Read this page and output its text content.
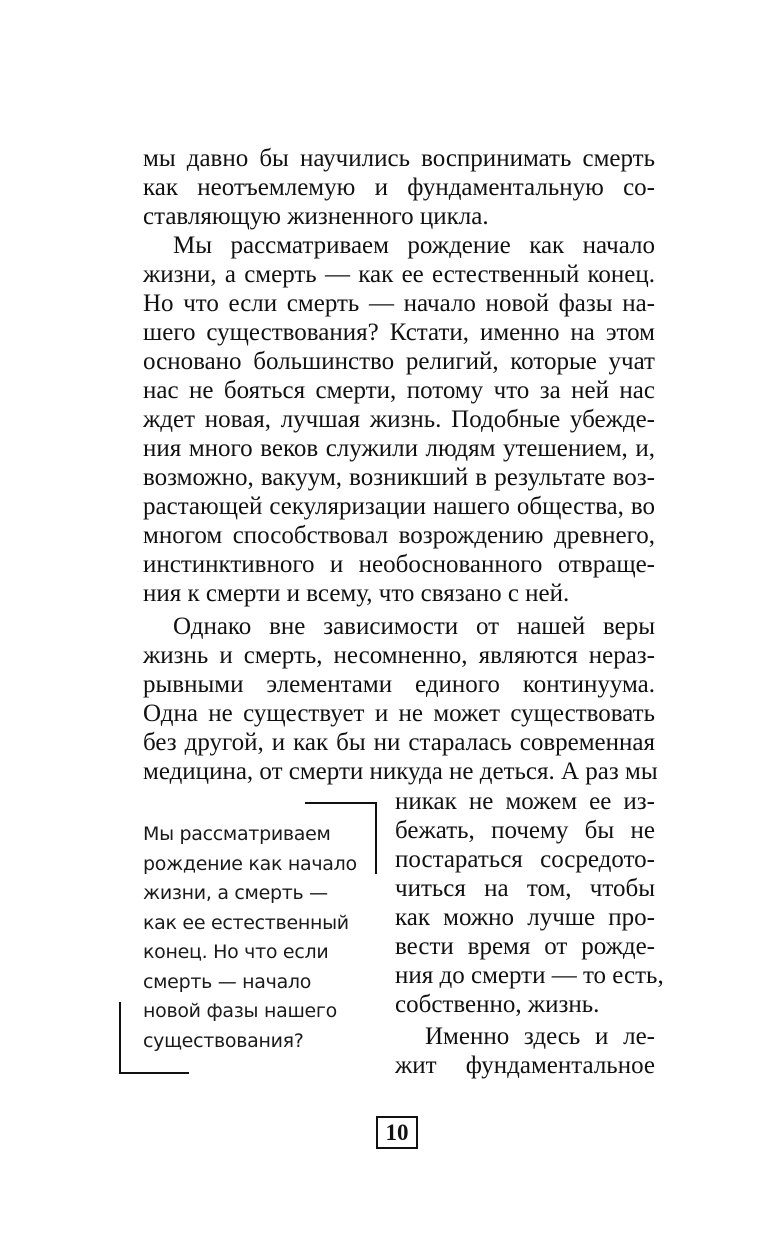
мы давно бы научились воспринимать смерть
как неотъемлемую и фундаментальную со-
ставляющую жизненного цикла.
Мы рассматриваем рождение как начало
жизни, а смерть — как ее естественный конец.
Но что если смерть — начало новой фазы на-
шего существования? Кстати, именно на этом
основано большинство религий, которые учат
нас не бояться смерти, потому что за ней нас
ждет новая, лучшая жизнь. Подобные убежде-
ния много веков служили людям утешением, и,
возможно, вакуум, возникший в результате воз-
растающей секуляризации нашего общества, во
многом способствовал возрождению древнего,
инстинктивного и необоснованного отвраще-
ния к смерти и всему, что связано с ней.
Однако вне зависимости от нашей веры
жизнь и смерть, несомненно, являются нераз-
рывными элементами единого континуума.
Одна не существует и не может существовать
без другой, и как бы ни старалась современная
медицина, от смерти никуда не деться. А раз мы
никак не можем ее из-
бежать, почему бы не
постараться сосредото-
читься на том, чтобы
как можно лучше про-
вести время от рожде-
ния до смерти — то есть,
собственно, жизнь.
Именно здесь и ле-
жит фундаментальное
Мы рассматриваем
рождение как начало
жизни, а смерть —
как ее естественный
конец. Но что если
смерть — начало
новой фазы нашего
существования?
10
